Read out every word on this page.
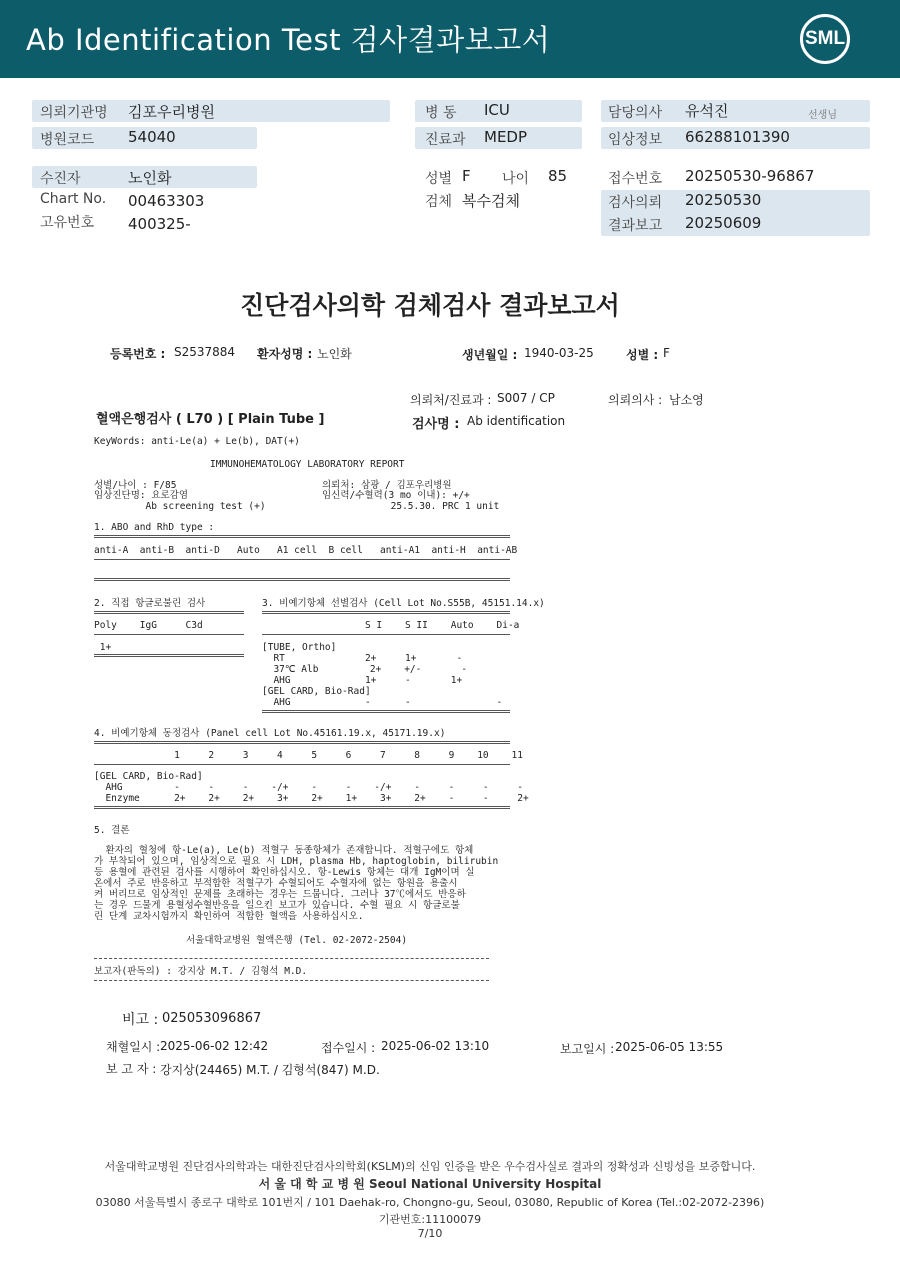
Ab Identification Test 검사결과보고서	SML
의뢰기관명 김포우리병원
병원코드 54040
병 동 ICU
진료과 MEDP
담당의사 유석진	선생님
임상정보 66288101390
수진자	노인화
Chart No. 00463303
고유번호 400325-
성별 F 나이 85
검체 복수검체
접수번호 20250530-96867
검사의뢰 20250530
결과보고 20250609
진단검사의학 검체검사 결과보고서
등록번호 : S2537884 환자성명 : 노인화	생년월일 : 1940-03-25	성별 : F
의뢰처/진료과 : S007 / CP	의뢰의사 : 남소영
혈액은행검사 ( L70 ) [ Plain Tube ]	검사명 : Ab identification
KeyWords: anti-Le(a) + Le(b), DAT(+)
IMMUNOHEMATOLOGY LABORATORY REPORT
성별/나이 : F/85
임상진단명: 요로감염
Ab screening test (+)
의뢰처: 삼광 / 김포우리병원
임신력/수혈력(3 mo 이내): +/+
25.5.30. PRC 1 unit
1. ABO and RhD type :
anti-A  anti-B  anti-D   Auto   A1 cell  B cell   anti-A1  anti-H  anti-AB
2. 직접 항글로불린 검사
Poly    IgG     C3d
1+
3. 비예기항체 선별검사 (Cell Lot No.S55B, 45151.14.x)
S I    S II    Auto    Di-a
[TUBE, Ortho]
RT              2+     1+       -
37℃ Alb         2+    +/-       -
AHG             1+     -       1+
[GEL CARD, Bio-Rad]
AHG             -      -               -
4. 비예기항체 동정검사 (Panel cell Lot No.45161.19.x, 45171.19.x)
1     2     3     4     5     6     7     8     9    10    11
[GEL CARD, Bio-Rad]
AHG         -     -     -    -/+    -     -    -/+    -     -     -     -
Enzyme      2+    2+    2+    3+    2+    1+    3+    2+    -     -     2+
5. 결론
환자의 혈청에 항-Le(a), Le(b) 적혈구 동종항체가 존재합니다. 적혈구에도 항체
가 부착되어 있으며, 임상적으로 필요 시 LDH, plasma Hb, haptoglobin, bilirubin
등 용혈에 관련된 검사를 시행하여 확인하십시오. 항-Lewis 항체는 대개 IgM이며 실
온에서 주로 반응하고 부적합한 적혈구가 수혈되어도 수혈자에 없는 항원을 용출시
켜 버리므로 임상적인 문제를 초래하는 경우는 드뭅니다. 그러나 37℃에서도 반응하
는 경우 드물게 용혈성수혈반응을 일으킨 보고가 있습니다. 수혈 필요 시 항글로불
린 단계 교차시험까지 확인하여 적합한 혈액을 사용하십시오.
서울대학교병원 혈액은행 (Tel. 02-2072-2504)
보고자(판독의) : 강지상 M.T. / 김형석 M.D.
비고 : 025053096867
채혈일시 : 2025-06-02 12:42	접수일시 : 2025-06-02 13:10	보고일시 : 2025-06-05 13:55
보 고 자 : 강지상(24465) M.T. / 김형석(847) M.D.
서울대학교병원 진단검사의학과는 대한진단검사의학회(KSLM)의 신임 인증을 받은 우수검사실로 결과의 정확성과 신빙성을 보증합니다.
서 울 대 학 교 병 원 Seoul National University Hospital
03080 서울특별시 종로구 대학로 101번지 / 101 Daehak-ro, Chongno-gu, Seoul, 03080, Republic of Korea (Tel.:02-2072-2396)
기관번호:11100079
7/10
